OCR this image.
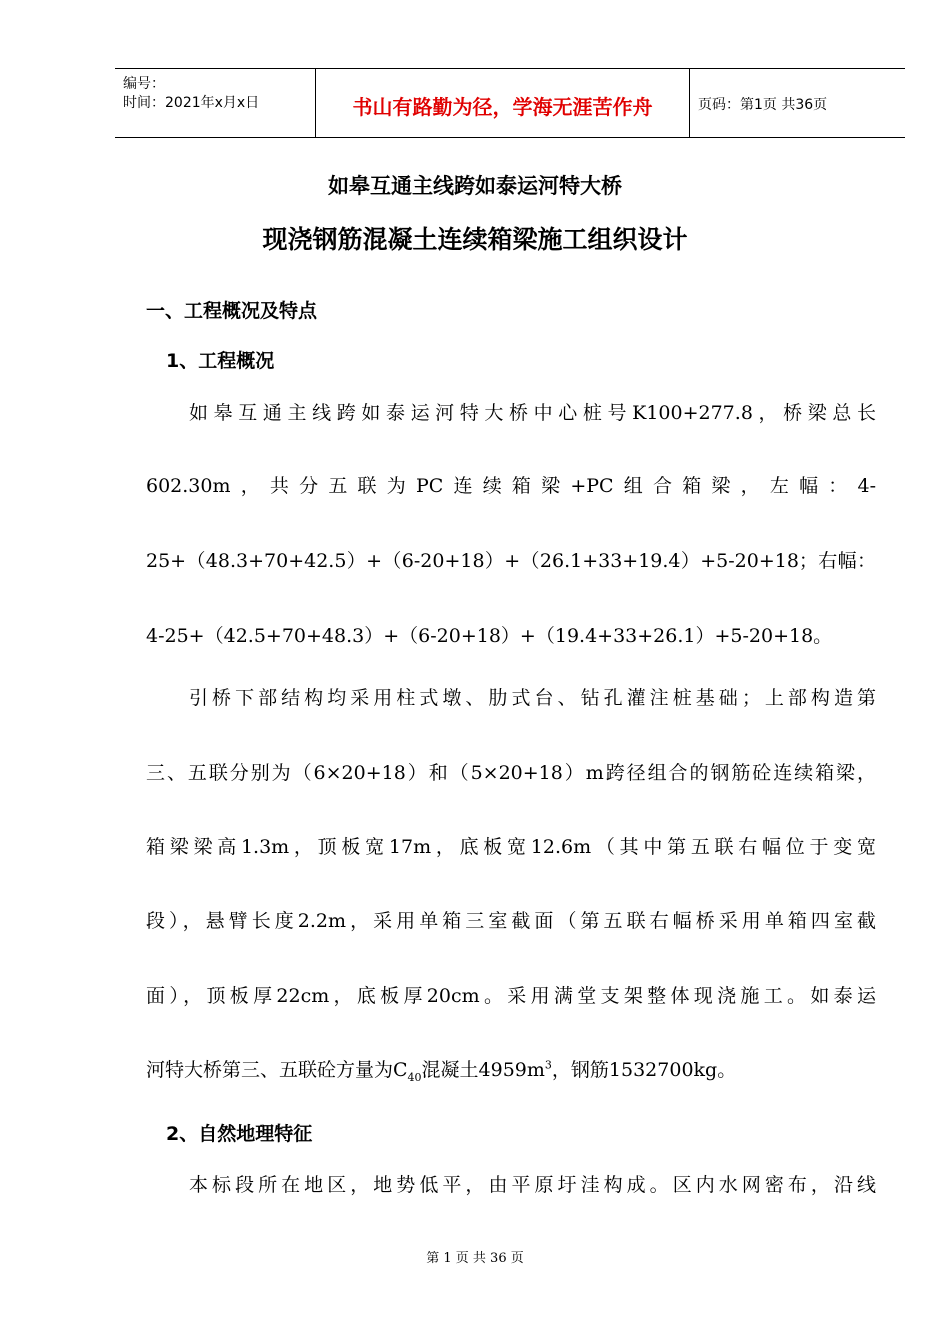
编号：
时间：2021年x月x日	书山有路勤为径，学海无涯苦作舟	页码：第1页 共36页
如皋互通主线跨如泰运河特大桥
现浇钢筋混凝土连续箱梁施工组织设计
一、工程概况及特点
1、工程概况
如皋互通主线跨如泰运河特大桥中心桩号K100+277.8，桥梁总长
602.30m，共分五联为PC连续箱梁+PC组合箱梁，左幅：4-
25+（48.3+70+42.5）+（6-20+18）+（26.1+33+19.4）+5-20+18；右幅：
4-25+（42.5+70+48.3）+（6-20+18）+（19.4+33+26.1）+5-20+18。
引桥下部结构均采用柱式墩、肋式台、钻孔灌注桩基础；上部构造第
三、五联分别为（6×20+18）和（5×20+18）m跨径组合的钢筋砼连续箱梁，
箱梁梁高1.3m，顶板宽17m，底板宽12.6m（其中第五联右幅位于变宽
段），悬臂长度2.2m，采用单箱三室截面（第五联右幅桥采用单箱四室截
面），顶板厚22cm，底板厚20cm。采用满堂支架整体现浇施工。如泰运
河特大桥第三、五联砼方量为$C_{40}$混凝土$4959m^3$，钢筋1532700kg。
2、自然地理特征
本标段所在地区，地势低平，由平原圩洼构成。区内水网密布，沿线
第 1 页 共 36 页
